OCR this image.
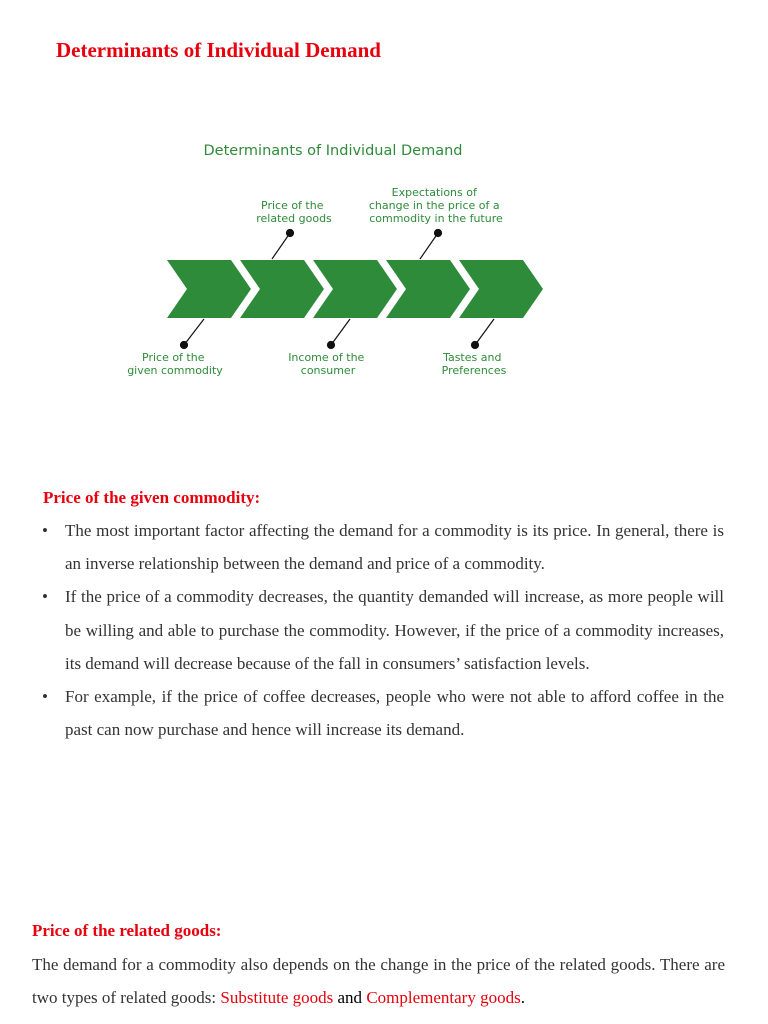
Determinants of Individual Demand
Determinants of Individual Demand
Price of the related goods
Expectations of change in the price of a commodity in the future
Price of the given commodity
Income of the consumer
Tastes and Preferences
Price of the given commodity:
• The most important factor affecting the demand for a commodity is its price. In general, there is an inverse relationship between the demand and price of a commodity.
• If the price of a commodity decreases, the quantity demanded will increase, as more people will be willing and able to purchase the commodity. However, if the price of a commodity increases, its demand will decrease because of the fall in consumers’ satisfaction levels.
• For example, if the price of coffee decreases, people who were not able to afford coffee in the past can now purchase and hence will increase its demand.
Price of the related goods:
The demand for a commodity also depends on the change in the price of the related goods. There are two types of related goods: Substitute goods and Complementary goods.
